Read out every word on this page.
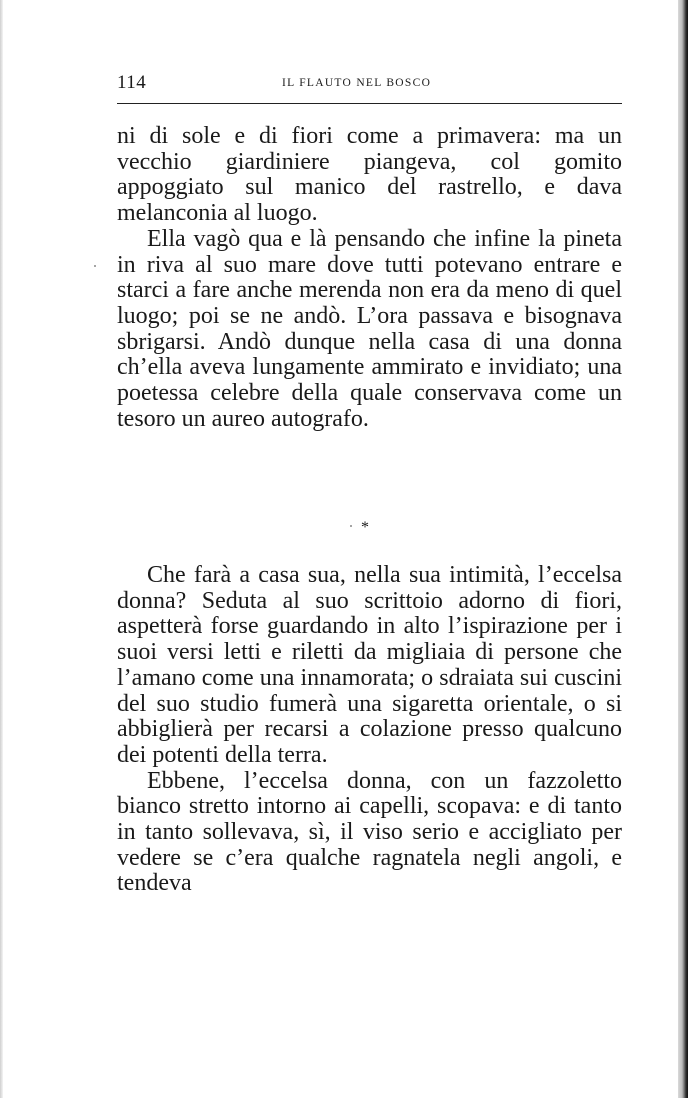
114	IL FLAUTO NEL BOSCO

ni di sole e di fiori come a primavera: ma un vecchio giardiniere piangeva, col gomito appoggiato sul manico del rastrello, e dava melanconia al luogo.

Ella vagò qua e là pensando che infine la pineta in riva al suo mare dove tutti potevano entrare e starci a fare anche merenda non era da meno di quel luogo; poi se ne andò. L’ora passava e bisognava sbrigarsi. Andò dunque nella casa di una donna ch’ella aveva lungamente ammirato e invidiato; una poetessa celebre della quale conservava come un tesoro un aureo autografo.

*

Che farà a casa sua, nella sua intimità, l’eccelsa donna? Seduta al suo scrittoio adorno di fiori, aspetterà forse guardando in alto l’ispirazione per i suoi versi letti e riletti da migliaia di persone che l’amano come una innamorata; o sdraiata sui cuscini del suo studio fumerà una sigaretta orientale, o si abbiglierà per recarsi a colazione presso qualcuno dei potenti della terra.

Ebbene, l’eccelsa donna, con un fazzoletto bianco stretto intorno ai capelli, scopava: e di tanto in tanto sollevava, sì, il viso serio e accigliato per vedere se c’era qualche ragnatela negli angoli, e tendeva
